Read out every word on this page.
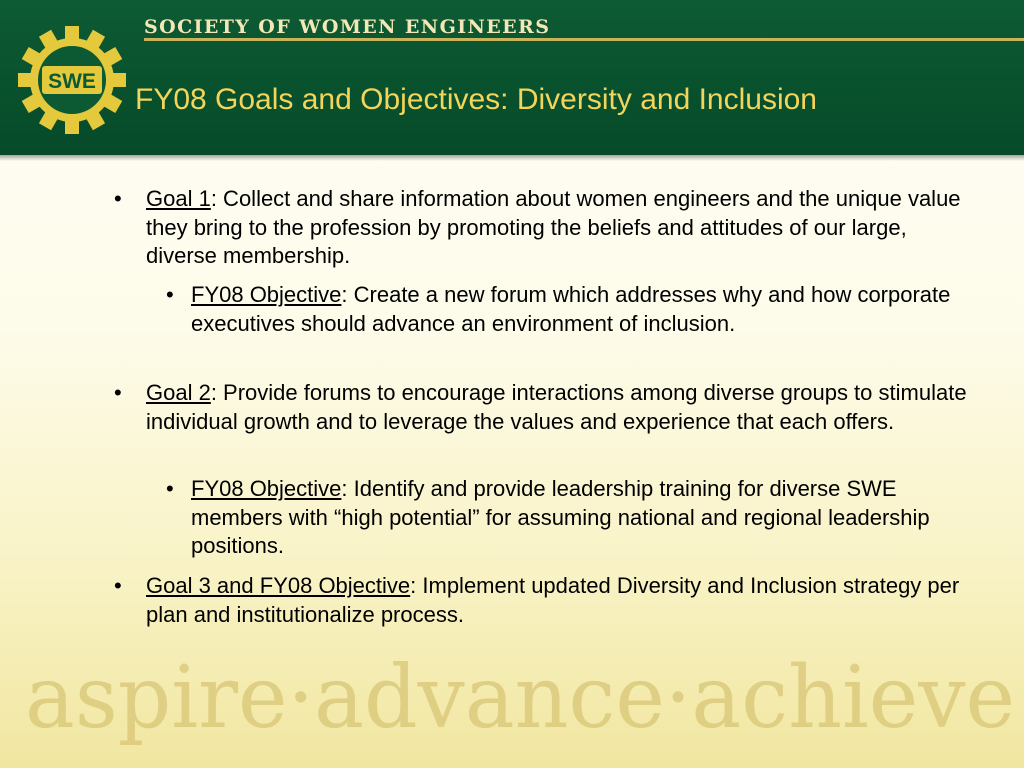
SWE
SOCIETY OF WOMEN ENGINEERS
FY08 Goals and Objectives: Diversity and Inclusion
• Goal 1: Collect and share information about women engineers and the unique value they bring to the profession by promoting the beliefs and attitudes of our large, diverse membership.
• FY08 Objective: Create a new forum which addresses why and how corporate executives should advance an environment of inclusion.
• Goal 2: Provide forums to encourage interactions among diverse groups to stimulate individual growth and to leverage the values and experience that each offers.
• FY08 Objective: Identify and provide leadership training for diverse SWE members with “high potential” for assuming national and regional leadership positions.
• Goal 3 and FY08 Objective: Implement updated Diversity and Inclusion strategy per plan and institutionalize process.
aspire·advance·achieve
